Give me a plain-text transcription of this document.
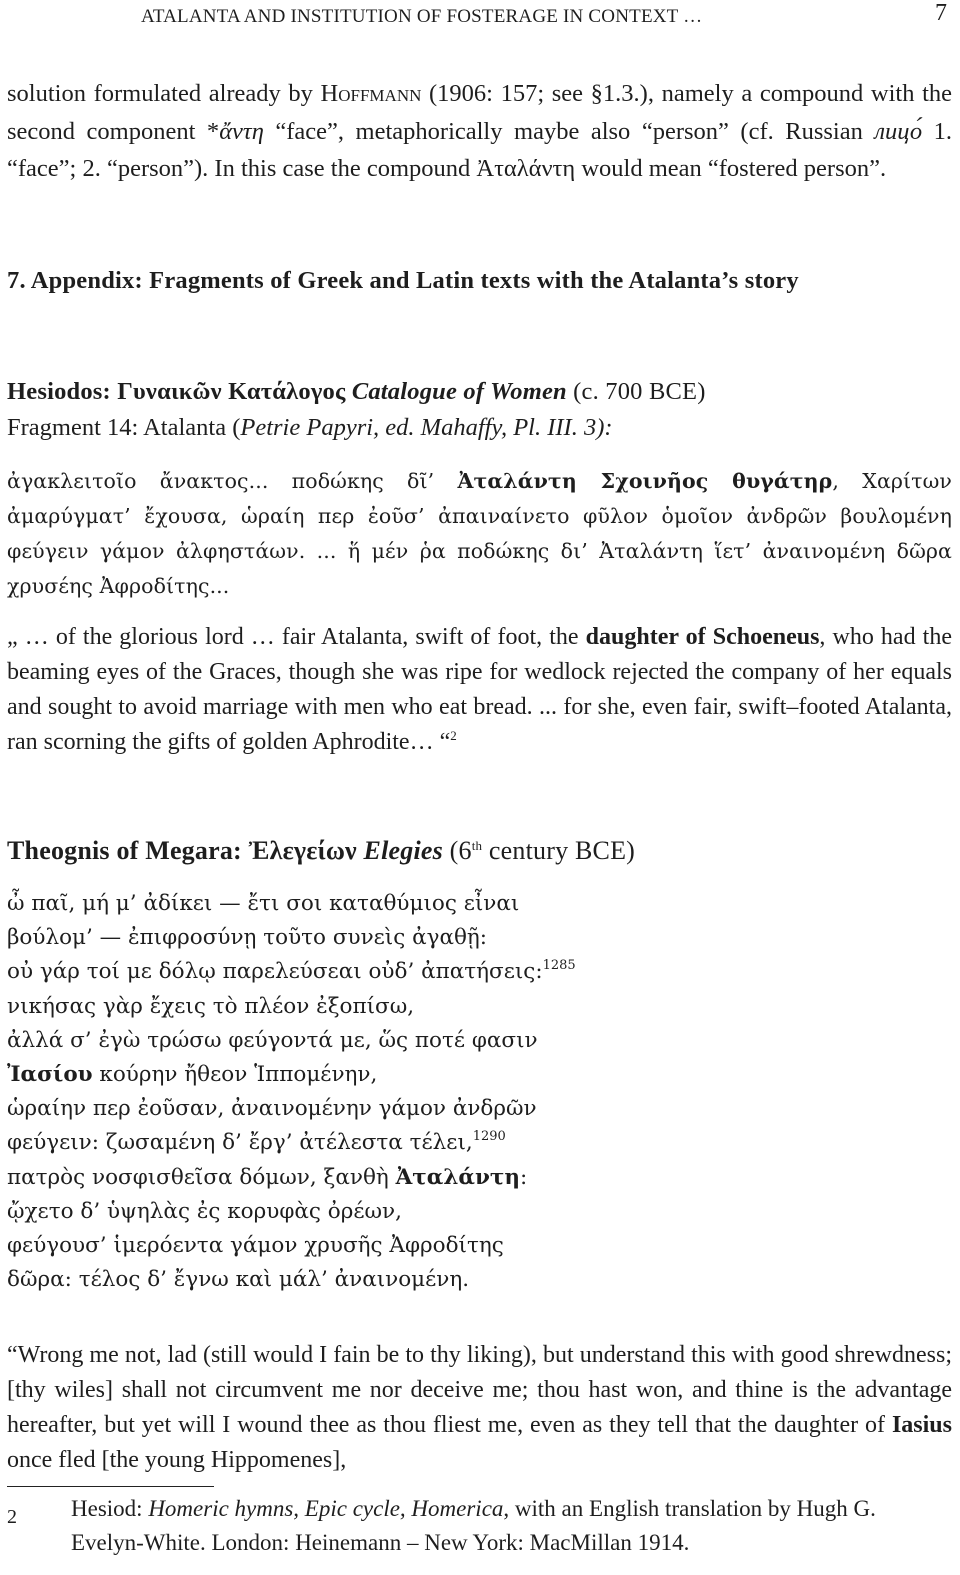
ATALANTA AND INSTITUTION OF FOSTERAGE IN CONTEXT …	7

solution formulated already by Hoffmann (1906: 157; see §1.3.), namely a compound with the second component *ἄντη “face”, metaphorically maybe also “person” (cf. Russian лицо́ 1. “face”; 2. “person”). In this case the compound Ἀταλάντη would mean “fostered person”.

7. Appendix: Fragments of Greek and Latin texts with the Atalanta’s story

Hesiodos: Γυναικῶν Κατάλογος Catalogue of Women (c. 700 BCE)

Fragment 14: Atalanta (Petrie Papyri, ed. Mahaffy, Pl. III. 3):

ἀγακλειτοῖο ἄνακτος... ποδώκης δῖ’ Ἀταλάντη Σχοινῆος θυγάτηρ, Χαρίτων ἀμαρύγματ’ ἔχουσα, ὡραίη περ ἐοῦσ’ ἀπαιναίνετο φῦλον ὁμοῖον ἀνδρῶν βουλομένη φεύγειν γάμον ἀλφηστάων. ... ἥ μέν ῥα ποδώκης δι’ Ἀταλάντη ἵετ’ ἀναινομένη δῶρα χρυσέης Ἀφροδίτης...

„ … of the glorious lord … fair Atalanta, swift of foot, the daughter of Schoeneus, who had the beaming eyes of the Graces, though she was ripe for wedlock rejected the company of her equals and sought to avoid marriage with men who eat bread. ... for she, even fair, swift–footed Atalanta, ran scorning the gifts of golden Aphrodite… “$^2$

Theognis of Megara: Ἐλεγείων Elegies (6th century BCE)

ὦ παῖ, μή μ’ ἀδίκει — ἔτι σοι καταθύμιος εἶναι
βούλομ’ — ἐπιφροσύνῃ τοῦτο συνεὶς ἀγαθῇ:
οὐ γάρ τοί με δόλῳ παρελεύσεαι οὐδ’ ἀπατήσεις:$^{1285}$
νικήσας γὰρ ἔχεις τὸ πλέον ἐξοπίσω,
ἀλλά σ’ ἐγὼ τρώσω φεύγοντά με, ὥς ποτέ φασιν
Ἰασίου κούρην ἤθεον Ἱππομένην,
ὡραίην περ ἐοῦσαν, ἀναινομένην γάμον ἀνδρῶν
φεύγειν: ζωσαμένη δ’ ἔργ’ ἀτέλεστα τέλει,$^{1290}$
πατρὸς νοσφισθεῖσα δόμων, ξανθὴ Ἀταλάντη:
ᾤχετο δ’ ὑψηλὰς ἐς κορυφὰς ὀρέων,
φεύγουσ’ ἱμερόεντα γάμον χρυσῆς Ἀφροδίτης
δῶρα: τέλος δ’ ἔγνω καὶ μάλ’ ἀναινομένη.

“Wrong me not, lad (still would I fain be to thy liking), but understand this with good shrewdness; [thy wiles] shall not circumvent me nor deceive me; thou hast won, and thine is the advantage hereafter, but yet will I wound thee as thou fliest me, even as they tell that the daughter of Iasius once fled [the young Hippomenes],

2 Hesiod: Homeric hymns, Epic cycle, Homerica, with an English translation by Hugh G. Evelyn-White. London: Heinemann – New York: MacMillan 1914.
